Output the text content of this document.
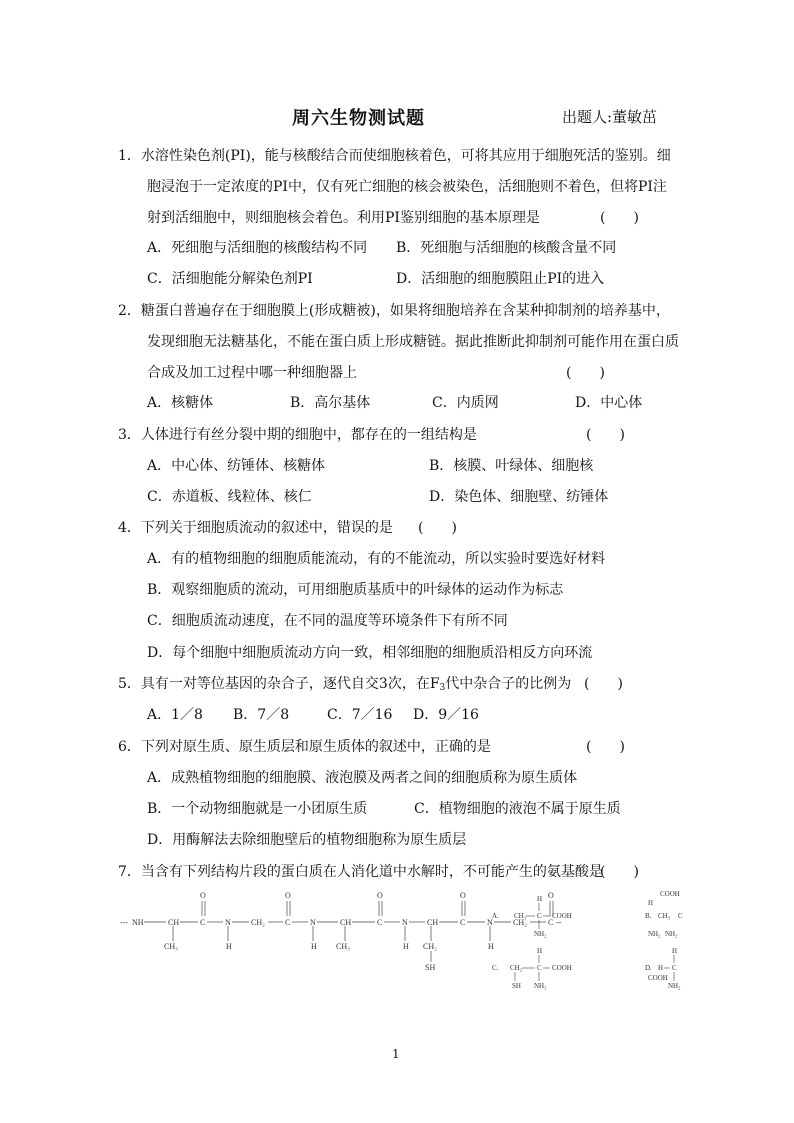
周六生物测试题	出题人:董敏茁
1．水溶性染色剂(PI)，能与核酸结合而使细胞核着色，可将其应用于细胞死活的鉴别。细
胞浸泡于一定浓度的PI中，仅有死亡细胞的核会被染色，活细胞则不着色，但将PI注
射到活细胞中，则细胞核会着色。利用PI鉴别细胞的基本原理是	(　　)
A．死细胞与活细胞的核酸结构不同 B．死细胞与活细胞的核酸含量不同
C．活细胞能分解染色剂PI	D．活细胞的细胞膜阻止PI的进入
2．糖蛋白普遍存在于细胞膜上(形成糖被)，如果将细胞培养在含某种抑制剂的培养基中，
发现细胞无法糖基化，不能在蛋白质上形成糖链。据此推断此抑制剂可能作用在蛋白质
合成及加工过程中哪一种细胞器上	(　　)
A．核糖体	B．高尔基体	C．内质网	D．中心体
3．人体进行有丝分裂中期的细胞中，都存在的一组结构是	(　　)
A．中心体、纺锤体、核糖体	B．核膜、叶绿体、细胞核
C．赤道板、线粒体、核仁	D．染色体、细胞壁、纺锤体
4．下列关于细胞质流动的叙述中，错误的是 (　　)
A．有的植物细胞的细胞质能流动，有的不能流动，所以实验时要选好材料
B．观察细胞质的流动，可用细胞质基质中的叶绿体的运动作为标志
C．细胞质流动速度，在不同的温度等环境条件下有所不同
D．每个细胞中细胞质流动方向一致，相邻细胞的细胞质沿相反方向环流
5．具有一对等位基因的杂合子，逐代自交3次，在$F_3$代中杂合子的比例为 (　　)
A．1／8 B．7／8	C．7／16 D．9／16
6．下列对原生质、原生质层和原生质体的叙述中，正确的是	(　　)
A．成熟植物细胞的细胞膜、液泡膜及两者之间的细胞质称为原生质体
B．一个动物细胞就是一小团原生质	C．植物细胞的液泡不属于原生质
D．用酶解法去除细胞壁后的植物细胞称为原生质层
7．当含有下列结构片段的蛋白质在人消化道中水解时，不可能产生的氨基酸是
(　　)
--- NH	CH	C N	CH₂	C N	CH	C N CH	C	N	CH₂	C --
O	O	O	O	O
CH₃	H	H CH₃	H CH₂	H
SH
A. CH₃ C COOH
H
NH₂
B. CH₃ C
H
NH₂ NH₂
COOH
C. CH₂ C COOH
H
NH₂
SH
D. H C
H
NH₂
COOH
1
